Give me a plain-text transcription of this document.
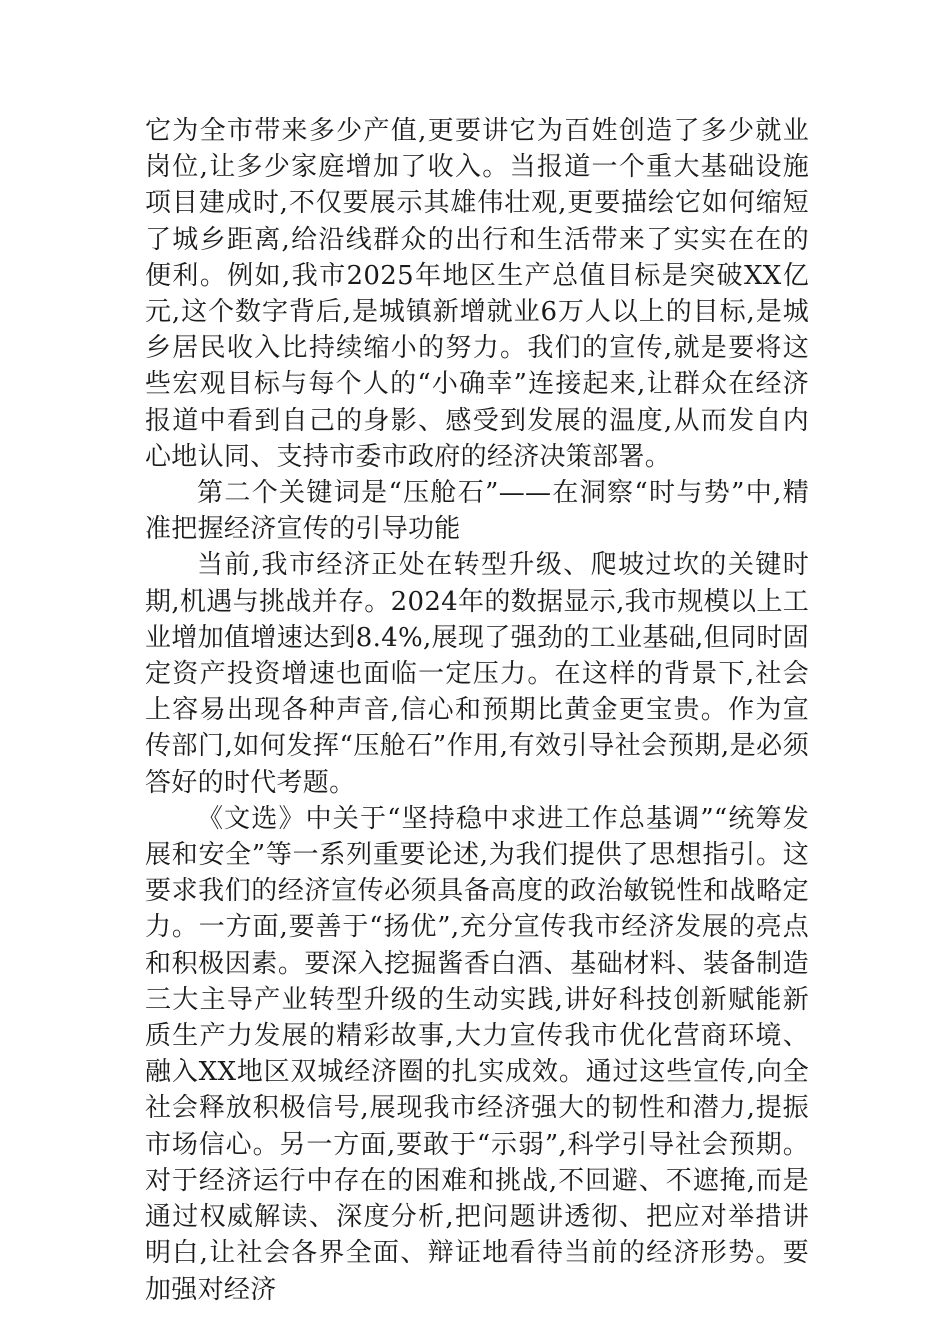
它为全市带来多少产值,更要讲它为百姓创造了多少就业岗位,让多少家庭增加了收入。当报道一个重大基础设施项目建成时,不仅要展示其雄伟壮观,更要描绘它如何缩短了城乡距离,给沿线群众的出行和生活带来了实实在在的便利。例如,我市2025年地区生产总值目标是突破XX亿元,这个数字背后,是城镇新增就业6万人以上的目标,是城乡居民收入比持续缩小的努力。我们的宣传,就是要将这些宏观目标与每个人的“小确幸”连接起来,让群众在经济报道中看到自己的身影、感受到发展的温度,从而发自内心地认同、支持市委市政府的经济决策部署。

第二个关键词是“压舱石”——在洞察“时与势”中,精准把握经济宣传的引导功能

当前,我市经济正处在转型升级、爬坡过坎的关键时期,机遇与挑战并存。2024年的数据显示,我市规模以上工业增加值增速达到8.4%,展现了强劲的工业基础,但同时固定资产投资增速也面临一定压力。在这样的背景下,社会上容易出现各种声音,信心和预期比黄金更宝贵。作为宣传部门,如何发挥“压舱石”作用,有效引导社会预期,是必须答好的时代考题。

《文选》中关于“坚持稳中求进工作总基调”“统筹发展和安全”等一系列重要论述,为我们提供了思想指引。这要求我们的经济宣传必须具备高度的政治敏锐性和战略定力。一方面,要善于“扬优”,充分宣传我市经济发展的亮点和积极因素。要深入挖掘酱香白酒、基础材料、装备制造三大主导产业转型升级的生动实践,讲好科技创新赋能新质生产力发展的精彩故事,大力宣传我市优化营商环境、融入XX地区双城经济圈的扎实成效。通过这些宣传,向全社会释放积极信号,展现我市经济强大的韧性和潜力,提振市场信心。另一方面,要敢于“示弱”,科学引导社会预期。对于经济运行中存在的困难和挑战,不回避、不遮掩,而是通过权威解读、深度分析,把问题讲透彻、把应对举措讲明白,让社会各界全面、辩证地看待当前的经济形势。要加强对经济
